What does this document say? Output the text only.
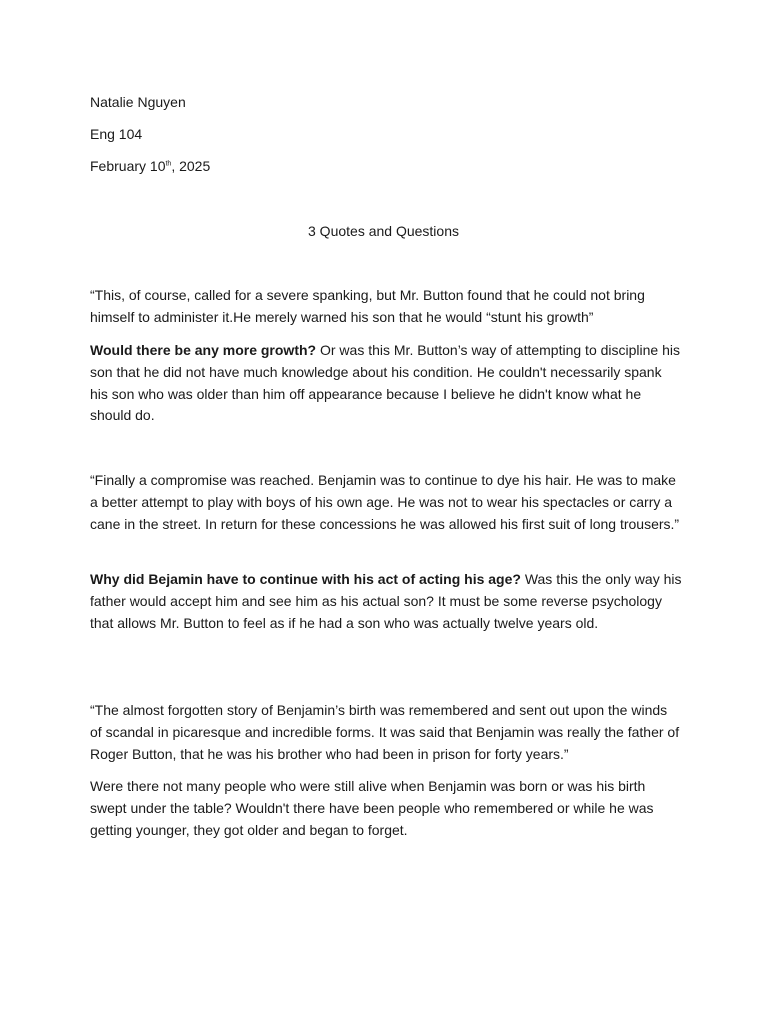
Natalie Nguyen
Eng 104
February 10th, 2025
3 Quotes and Questions

“This, of course, called for a severe spanking, but Mr. Button found that he could not bring himself to administer it.He merely warned his son that he would “stunt his growth”

Would there be any more growth? Or was this Mr. Button’s way of attempting to discipline his son that he did not have much knowledge about his condition. He couldn't necessarily spank his son who was older than him off appearance because I believe he didn't know what he should do.

“Finally a compromise was reached. Benjamin was to continue to dye his hair. He was to make a better attempt to play with boys of his own age. He was not to wear his spectacles or carry a cane in the street. In return for these concessions he was allowed his first suit of long trousers.”

Why did Bejamin have to continue with his act of acting his age? Was this the only way his father would accept him and see him as his actual son? It must be some reverse psychology that allows Mr. Button to feel as if he had a son who was actually twelve years old.

“The almost forgotten story of Benjamin’s birth was remembered and sent out upon the winds of scandal in picaresque and incredible forms. It was said that Benjamin was really the father of Roger Button, that he was his brother who had been in prison for forty years.”

Were there not many people who were still alive when Benjamin was born or was his birth swept under the table? Wouldn't there have been people who remembered or while he was getting younger, they got older and began to forget.
